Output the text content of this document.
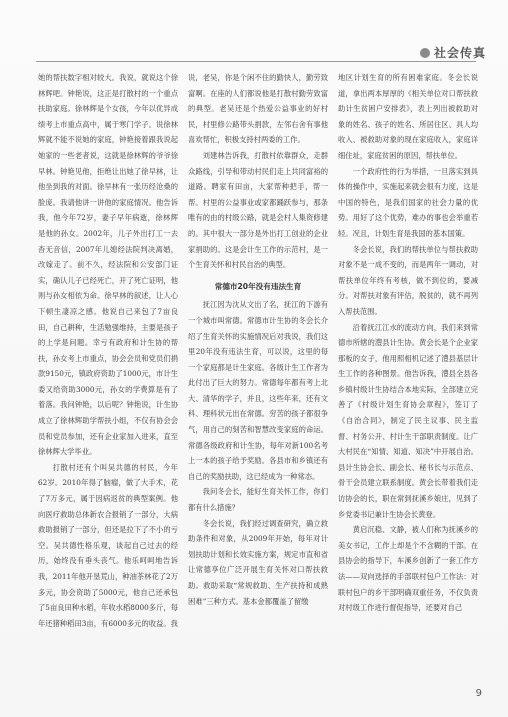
社会传真

她的帮扶数字相对较大。我说，就说这个徐林辉吧。钟艳说，这正是打散村的一个重点扶助家庭。徐林辉是个女孩，今年以优异成绩考上市重点高中，属于寒门学子。说徐林辉就不能不说她的家庭，钟艳接着跟我说起她家的一些老者说，这就是徐林辉的爷爷徐早林。钟艳见他，拒绝让出她了徐早林，让他坐到我的对面。徐早林有一张历经沧桑的脸庞。我请他讲一讲他的家庭情况。他告诉我，他今年72岁，妻子早年病逝，徐林辉是他的孙女。2002年，儿子外出打工一去杳无音信，2007年儿媳经法院判决离婚，改嫁走了。前不久，经法院和公安部门证实，确认儿子已经死亡，开了死亡证明，他则与孙女相依为命。徐早林的叙述，让人心下顿生凄凉之感。他说自己来包了7亩良田，自己耕种，生活勉强维持，主要是孩子的上学是问题。幸亏有政府和计生协的帮扶，孙女考上市重点，协会会员和党员们捐款9150元，镇政府资助了1000元，市计生委又给资助3000元，孙女的学费算是有了着落。我问钟艳，以后呢？钟艳说，计生协成立了徐林辉助学帮扶小组，不仅有协会会员和党员参加，还有企业家加入进来，直至徐林辉大学毕业。

打散村还有个叫吴共德的村民，今年62岁。2010年得了脑瘤，做了大手术，花了7万多元，属于因病返贫的典型案例。他向医疗救助总体新农合报销了一部分，大病救助报销了一部分，但还是拉下了不小的亏空。吴共德性格乐观，谈起自己过去的经历，始终没有垂头丧气。他乐呵呵地告诉我，2011年他开垦荒山，种油茶林花了2万多元，协会资助了5000元，他自己还承包了5亩良田种水稻，年收水稻8000多斤，每年还猪种稻田3亩，有6000多元的收益。我

说，老吴，你是个闲不住的勤快人，勤劳致富啊。在座的人们都说他是打散村勤劳致富的典型。老吴还是个热爱公益事业的好村民，村里修公路带头捐款，左邻右舍有事他喜欢帮忙，积极支持村两委的工作。

刘建林告诉我，打散村依靠群众，走群众路线，引导和带动村民们走上共同富裕的道路。聘家有田亩，大家帮种把手，帮一帮。村里的公益事业或家都踊跃参与，那条唯有的由的村级公路，就是会村人集资修建的。其中很大一部分是外出打工创业的企业家捐助的。这是会计生工作的示范村，是一个生育关怀和村民自治的典型。

常德市20年没有违法生育

抚江因为沈从文出了名，抚江的下游有一个城市叫常德。常德市计生协的冬会长介绍了生育关怀的实施情况后对我说，我们这里20年没有违法生育，可以说，这里的每一个家庭都是计生家庭。各级计生工作者为此付出了巨大的努力。常德每年都有考上北大、清华的学子，并且，这些年来，还有文科、理科状元出在常德。穷苦的孩子都很争气，用自己的刻苦和智慧改变家庭的命运。常德各级政府和计生协，每年对新100名考上一本的孩子给予奖励。各县市和乡镇还有自己的奖励扶助，这已经成为一种常态。

我问冬会长，能好生育关怀工作，你们都有什么措施？

冬会长说，我们经过调查研究，确立救助条件和对象，从2009年开始，每年对计划扶助计划和长效实施方案，规定市直和省让常德享位广泛开展生育关怀对口帮扶救助。救助采取“常规救助、生产扶持和成熟困难”三种方式。基本金都覆盖了留缴

地区计划生育的所有困难家庭。冬会长说道，拿出两本厚厚的《相关单位对口帮扶救助计生贫困户安排表》，表上列出被救助对象的姓名、孩子的姓名、所居住区、具人均收入、被救助对象的现在家庭收入，家庭详细住址，家庭贫困的原因，帮扶单位。

一个政府性的行为举措，一旦落实到具体的操作中，实施起来就会很有力度，这是中国的特色，是我们国家的社会力量的优势。用好了这个优势，难办的事也会举重若轻。况且，计划生育是我国的基本国策。

冬会长说，我们的帮扶单位与帮扶救助对象不是一成不变的，而是两年一调动，对帮扶单位年终有考核，做不到位的，要减分。对帮扶对象有评估，脱贫的，就不再列入帮扶范围。

沿着抚江江水的流动方向，我们来到常德市所辖的澧县计生协。黄会长是个企业家那板的女子，他用照相机记述了澧县基层计生工作的各种图景。他告诉我，澧县全县各乡镇村级计生协结合本地实际，全部建立完善了《村级计划生育协会章程》，签订了《自治合同》，制定了民主议事、民主监督、村务公开、村计生干部职责制度。让广大村民在“知情、知道、知决”中开展自治。县计生协会长、副会长、秘书长与示范点、骨干会员建立联系制度。黄会长带着我们走访协会的长，职在常到抚溪乡娘庄，见到了乡党委书记兼计生协会长黄登。

黄启沉稳、文静，被人们称为抚溪乡的美女书记，工作上却是个不含糊的干部。在县协会的指导下，车溪乡创新了一套工作方法——双向选择的手部联村包户工作法：对联村包户的乡干部明确双重任务，不仅负责对村级工作进行督促指导，还要对自己

9
